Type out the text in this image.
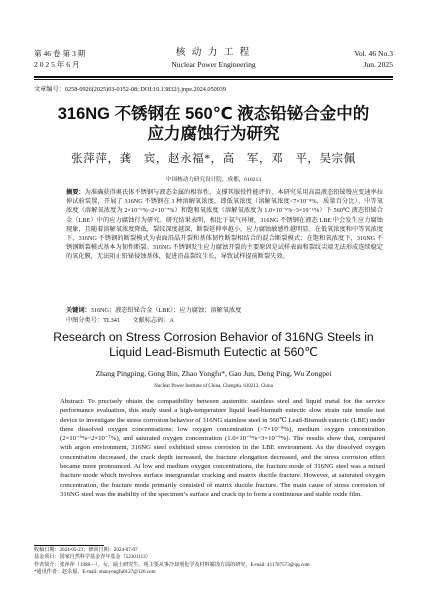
第 46 卷 第 3 期	核 动 力 工 程	Vol. 46 No.3
2 0 2 5 年 6 月	Nuclear Power Engineering	Jun. 2025
文章编号：0258-0926(2025)03-0152-08; DOI:10.13832/j.jnpe.2024.050039
316NG 不锈钢在 560℃ 液态铅铋合金中的
应力腐蚀行为研究
张萍萍，龚　宾，赵永福*，高　军，邓　平，吴宗佩
中国核动力研究设计院，成都，610213
摘要：为准确获得奥氏体不锈钢与液态金属的相容性，支撑其服役性能评价，本研究采用高温液态铅铋慢应变速率拉伸试验装置，开展了 316NG 不锈钢在 3 种溶解氧浓度，即低氧浓度（溶解氧浓度<7×10⁻⁸%，质量百分比）、中等氧浓度（溶解氧浓度为 2×10⁻⁶%~2×10⁻⁷%）和饱和氧浓度（溶解氧浓度为 1.0×10⁻⁶%~3×10⁻⁶%）下 560℃ 液态铅铋合金（LBE）中的应力腐蚀行为研究。研究结果表明，相比于氩气环境，316NG 不锈钢在液态 LBE 中会发生应力腐蚀现象，且随着溶解氧浓度降低，裂纹深度越深，断裂延伸率越小，应力腐蚀敏感性越明显。在低氧浓度和中等氧浓度下，316NG 不锈钢的断裂模式为表面沿晶开裂和基体韧性断裂相结合的混合断裂模式；在饱和氧浓度下，316NG 不锈钢断裂模式基本为韧性断裂。316NG 不锈钢发生应力腐蚀开裂的主要原因是试样表面和裂纹尖端无法形成连续稳定的氧化膜，无法阻止铅铋侵蚀基体，促进沿晶裂纹生长，导致试样提前断裂失效。
关键词：316NG；液态铅铋合金（LBE）；应力腐蚀；溶解氧浓度
中图分类号：TL341　　文献标志码：A
Research on Stress Corrosion Behavior of 316NG Steels in
Liquid Lead-Bismuth Eutectic at 560℃
Zhang Pingping, Gong Bin, Zhao Yongfu*, Gao Jun, Deng Ping, Wu Zongpei
Nuclear Power Institute of China, Chengdu, 610213, China
Abstract: To precisely obtain the compatibility between austenitic stainless steel and liquid metal for the service performance evaluation, this study used a high-temperature liquid lead-bismuth eutectic slow strain rate tensile test device to investigate the stress corrosion behavior of 316NG stainless steel in 560℃ Lead-Bismuth eutectic (LBE) under three dissolved oxygen concentrations: low oxygen concentration (<7×10⁻⁸%), medium oxygen concentration (2×10⁻⁶%~2×10⁻⁷%), and saturated oxygen concentration (1.0×10⁻⁶%~3×10⁻⁶%). The results show that, compared with argon environment, 316NG steel exhibited stress corrosion in the LBE environment. As the dissolved oxygen concentration decreased, the crack depth increased, the fracture elongation decreased, and the stress corrosion effect became more pronounced. At low and medium oxygen concentrations, the fracture mode of 316NG steel was a mixed fracture mode which involves surface intergranular cracking and matrix ductile fracture. However, at saturated oxygen concentration, the fracture mode primarily consisted of matrix ductile fracture. The main cause of stress corrosion of 316NG steel was the inability of the specimen’s surface and crack tip to form a continuous and stable oxide film.
收稿日期：2024-05-23；修回日期：2024-07-07
基金项目：国家自然科学基金青年基金（52301113）
作者简介：张萍萍（1988—），女，硕士研究生，现主要从事冷却剂化学及材料腐蚀方面的研究，E-mail: 411787573@qq.com
*通讯作者：赵永福，E-mail: zhaoyongfu0127@126.com
